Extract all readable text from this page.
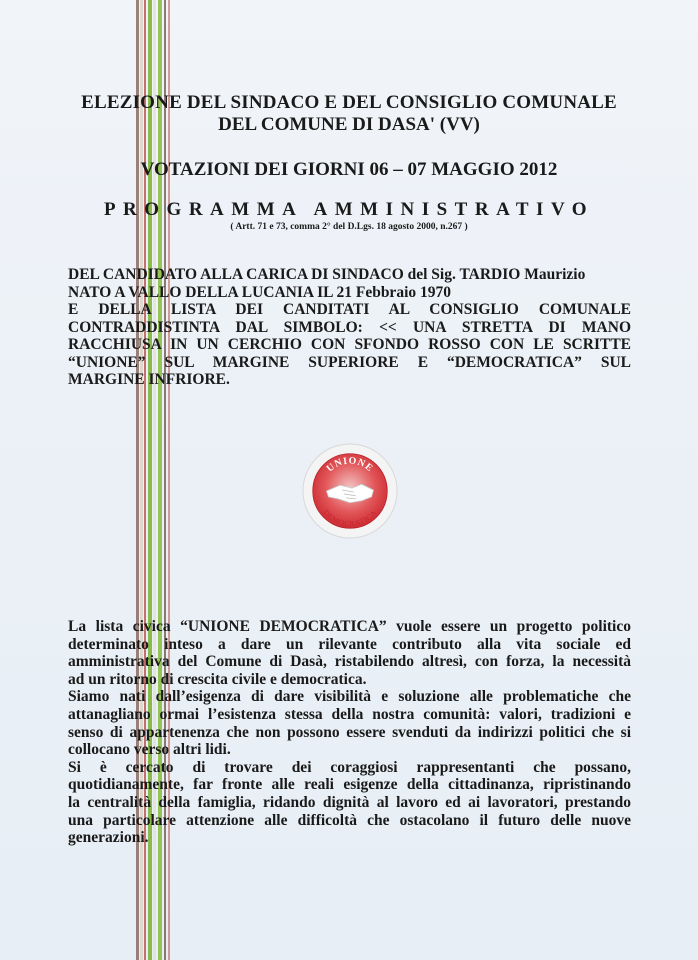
ELEZIONE DEL SINDACO E DEL CONSIGLIO COMUNALE
DEL COMUNE DI DASA' (VV)
VOTAZIONI DEI GIORNI 06 – 07 MAGGIO 2012
PROGRAMMA AMMINISTRATIVO
( Artt. 71 e 73, comma 2° del D.Lgs. 18 agosto 2000, n.267 )

DEL CANDIDATO ALLA CARICA DI SINDACO del Sig. TARDIO Maurizio

NATO A VALLO DELLA LUCANIA IL 21 Febbraio 1970

E DELLA LISTA DEI CANDITATI AL CONSIGLIO COMUNALE

CONTRADDISTINTA DAL SIMBOLO: << UNA STRETTA DI MANO

RACCHIUSA IN UN CERCHIO CON SFONDO ROSSO CON LE SCRITTE

“UNIONE” SUL MARGINE SUPERIORE E “DEMOCRATICA” SUL

MARGINE INFRIORE.

UNIONE
DEMOCRATICA
La lista civica “UNIONE DEMOCRATICA” vuole essere un progetto politico
determinato inteso a dare un rilevante contributo alla vita sociale ed
amministrativa del Comune di Dasà, ristabilendo altresì, con forza, la necessità
ad un ritorno di crescita civile e democratica.
Siamo nati dall’esigenza di dare visibilità e soluzione alle problematiche che
attanagliano ormai l’esistenza stessa della nostra comunità: valori, tradizioni e
senso di appartenenza che non possono essere svenduti da indirizzi politici che si
collocano verso altri lidi.
Si è cercato di trovare dei coraggiosi rappresentanti che possano,
quotidianamente, far fronte alle reali esigenze della cittadinanza, ripristinando
la centralità della famiglia, ridando dignità al lavoro ed ai lavoratori, prestando
una particolare attenzione alle difficoltà che ostacolano il futuro delle nuove
generazioni.
